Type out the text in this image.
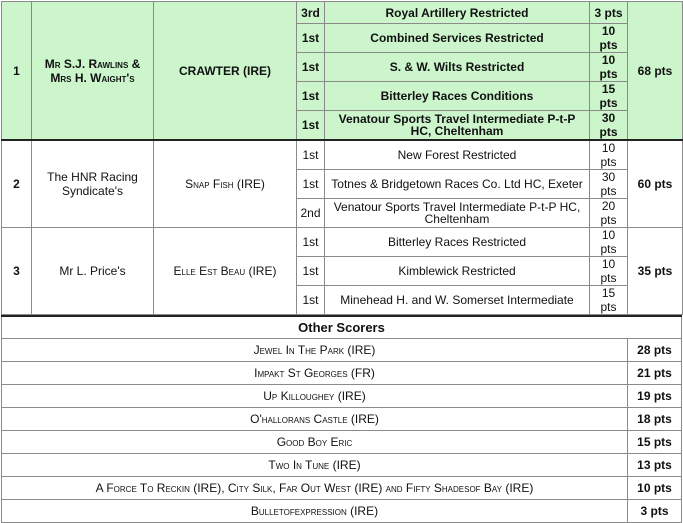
1	Mr S.J. Rawlins & Mrs H. Waight's	CRAWTER (IRE)	3rd	Royal Artillery Restricted	3 pts	68 pts
			1st	Combined Services Restricted	10 pts	
			1st	S. & W. Wilts Restricted	10 pts	
			1st	Bitterley Races Conditions	15 pts	
			1st	Venatour Sports Travel Intermediate P-t-P HC, Cheltenham	30 pts	
2	The HNR Racing Syndicate's	Snap Fish (IRE)	1st	New Forest Restricted	10 pts	60 pts
			1st	Totnes & Bridgetown Races Co. Ltd HC, Exeter	30 pts	
			2nd	Venatour Sports Travel Intermediate P-t-P HC, Cheltenham	20 pts	
3	Mr L. Price's	Elle Est Beau (IRE)	1st	Bitterley Races Restricted	10 pts	35 pts
			1st	Kimblewick Restricted	10 pts	
			1st	Minehead H. and W. Somerset Intermediate	15 pts	
Other Scorers	
Jewel In The Park (IRE)	28 pts
Impakt St Georges (FR)	21 pts
Up Killoughey (IRE)	19 pts
O'hallorans Castle (IRE)	18 pts
Good Boy Eric	15 pts
Two In Tune (IRE)	13 pts
A Force To Reckin (IRE), City Silk, Far Out West (IRE) and Fifty Shadesof Bay (IRE)	10 pts
Bulletofexpression (IRE)	3 pts
